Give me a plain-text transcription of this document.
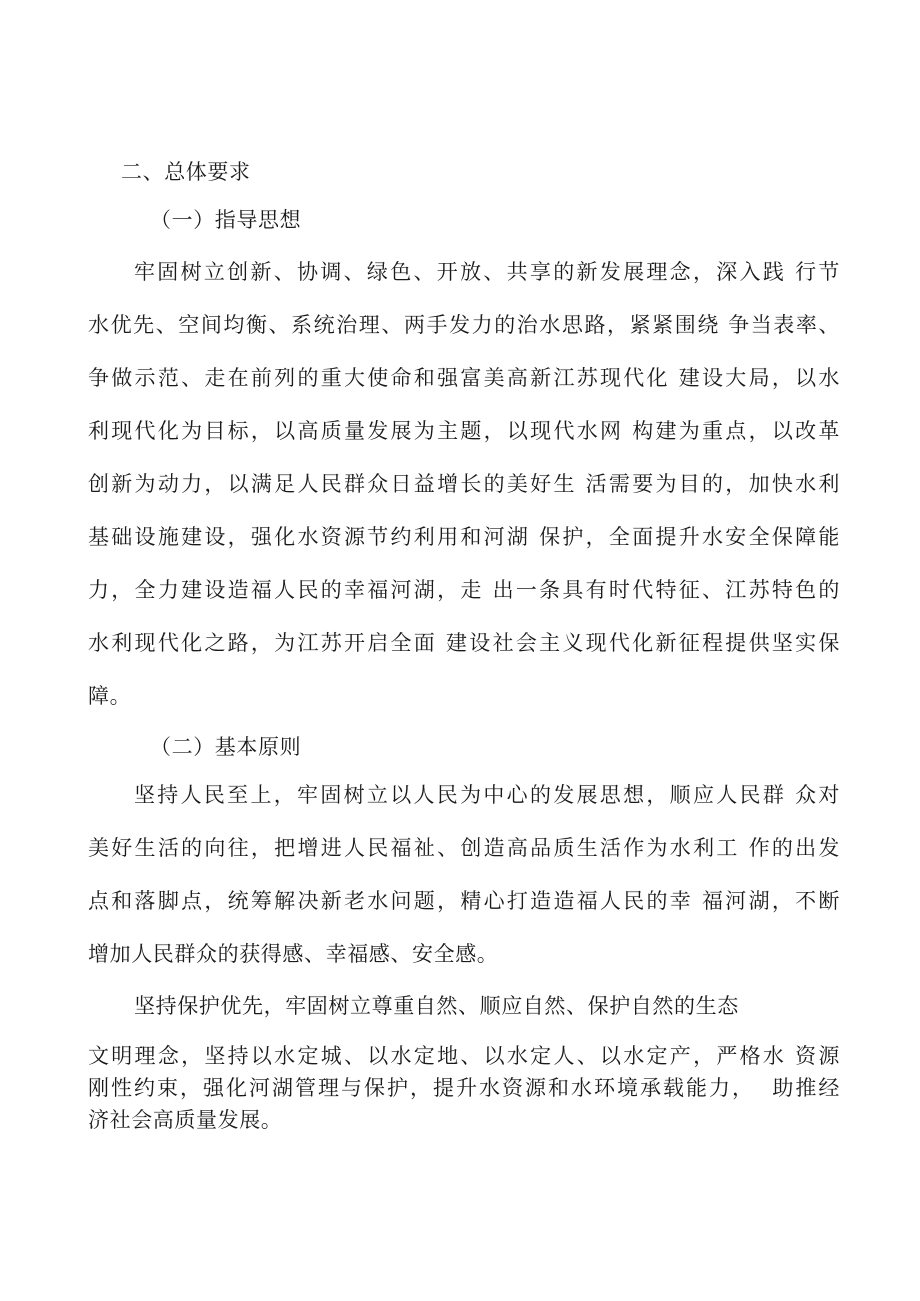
二、总体要求
（一）指导思想
牢固树立创新、协调、绿色、开放、共享的新发展理念，深入践 行节
水优先、空间均衡、系统治理、两手发力的治水思路，紧紧围绕 争当表率、
争做示范、走在前列的重大使命和强富美高新江苏现代化 建设大局，以水
利现代化为目标，以高质量发展为主题，以现代水网 构建为重点，以改革
创新为动力，以满足人民群众日益增长的美好生 活需要为目的，加快水利
基础设施建设，强化水资源节约利用和河湖 保护，全面提升水安全保障能
力，全力建设造福人民的幸福河湖，走 出一条具有时代特征、江苏特色的
水利现代化之路，为江苏开启全面 建设社会主义现代化新征程提供坚实保
障。
（二）基本原则
坚持人民至上，牢固树立以人民为中心的发展思想，顺应人民群 众对
美好生活的向往，把增进人民福祉、创造高品质生活作为水利工 作的出发
点和落脚点，统筹解决新老水问题，精心打造造福人民的幸 福河湖，不断
增加人民群众的获得感、幸福感、安全感。
坚持保护优先，牢固树立尊重自然、顺应自然、保护自然的生态
文明理念，坚持以水定城、以水定地、以水定人、以水定产，严格水 资源
刚性约束，强化河湖管理与保护，提升水资源和水环境承载能力，  助推经
济社会高质量发展。
